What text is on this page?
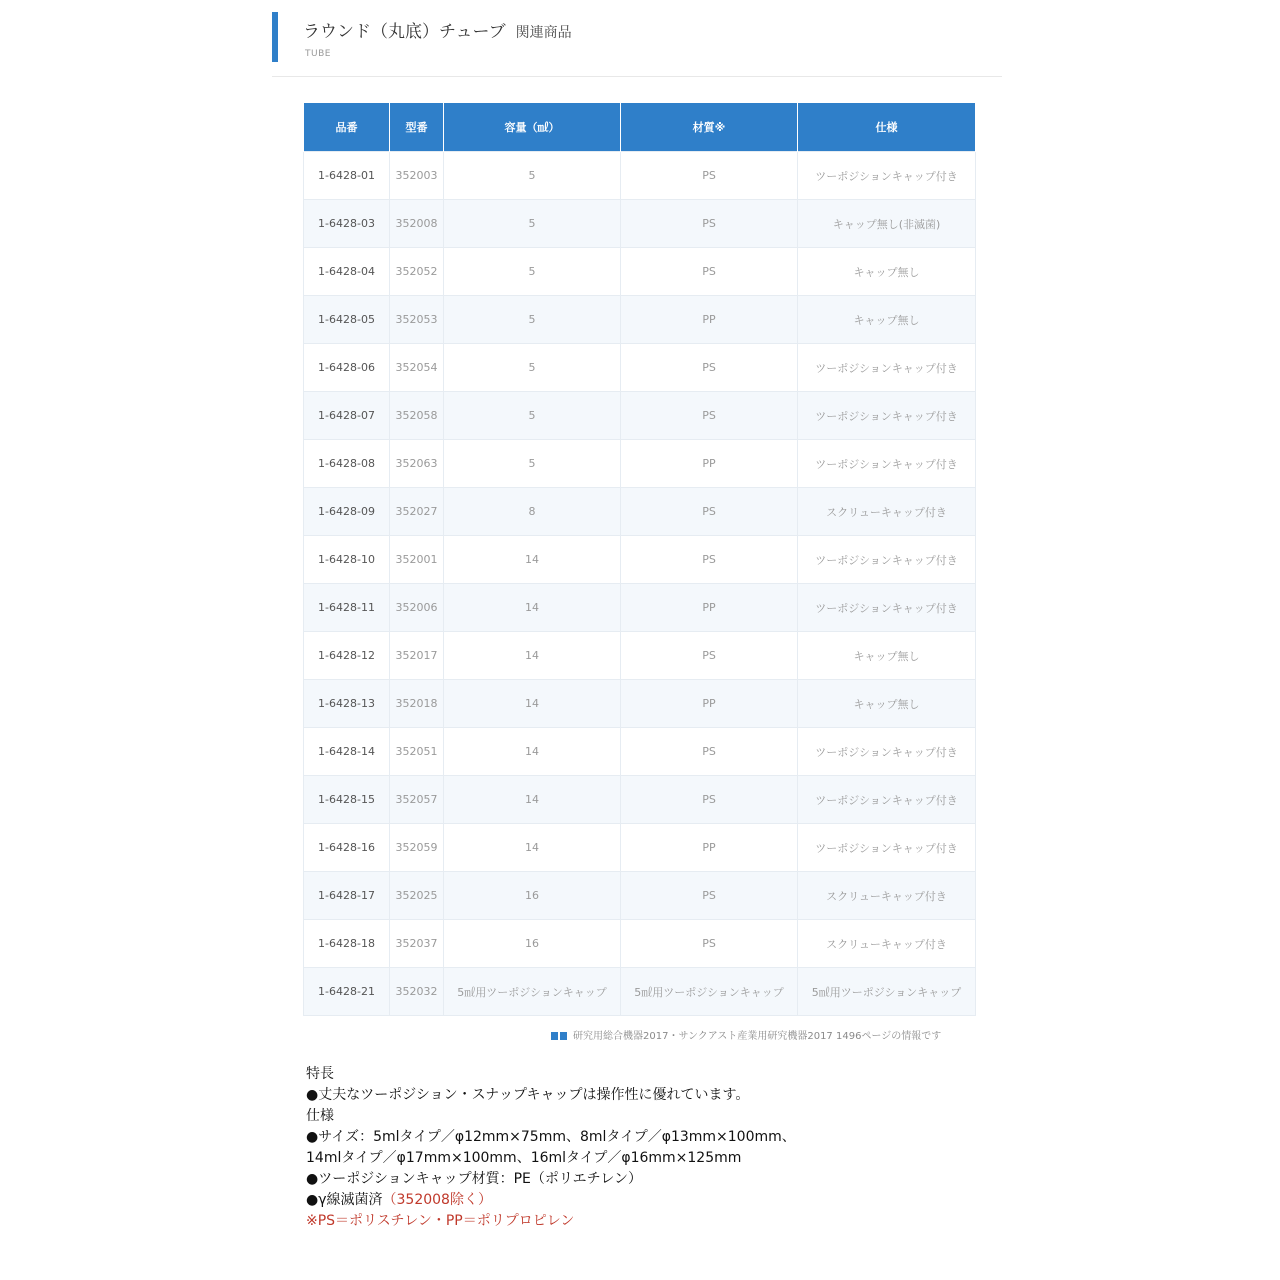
ラウンド（丸底）チューブ 関連商品
TUBE
品番	型番	容量（㎖）	材質※	仕様
1-6428-01	352003	5	PS	ツーポジションキャップ付き
1-6428-03	352008	5	PS	キャップ無し(非滅菌)
1-6428-04	352052	5	PS	キャップ無し
1-6428-05	352053	5	PP	キャップ無し
1-6428-06	352054	5	PS	ツーポジションキャップ付き
1-6428-07	352058	5	PS	ツーポジションキャップ付き
1-6428-08	352063	5	PP	ツーポジションキャップ付き
1-6428-09	352027	8	PS	スクリューキャップ付き
1-6428-10	352001	14	PS	ツーポジションキャップ付き
1-6428-11	352006	14	PP	ツーポジションキャップ付き
1-6428-12	352017	14	PS	キャップ無し
1-6428-13	352018	14	PP	キャップ無し
1-6428-14	352051	14	PS	ツーポジションキャップ付き
1-6428-15	352057	14	PS	ツーポジションキャップ付き
1-6428-16	352059	14	PP	ツーポジションキャップ付き
1-6428-17	352025	16	PS	スクリューキャップ付き
1-6428-18	352037	16	PS	スクリューキャップ付き
1-6428-21	352032	5㎖用ツーポジションキャップ	5㎖用ツーポジションキャップ	5㎖用ツーポジションキャップ
研究用総合機器2017・サンクアスト産業用研究機器2017 1496ページの情報です
特長
●丈夫なツーポジション・スナップキャップは操作性に優れています。
仕様
●サイズ：5mlタイプ／φ12mm×75mm、8mlタイプ／φ13mm×100mm、
14mlタイプ／φ17mm×100mm、16mlタイプ／φ16mm×125mm
●ツーポジションキャップ材質：PE（ポリエチレン）
●γ線滅菌済（352008除く）
※PS＝ポリスチレン・PP＝ポリプロピレン
